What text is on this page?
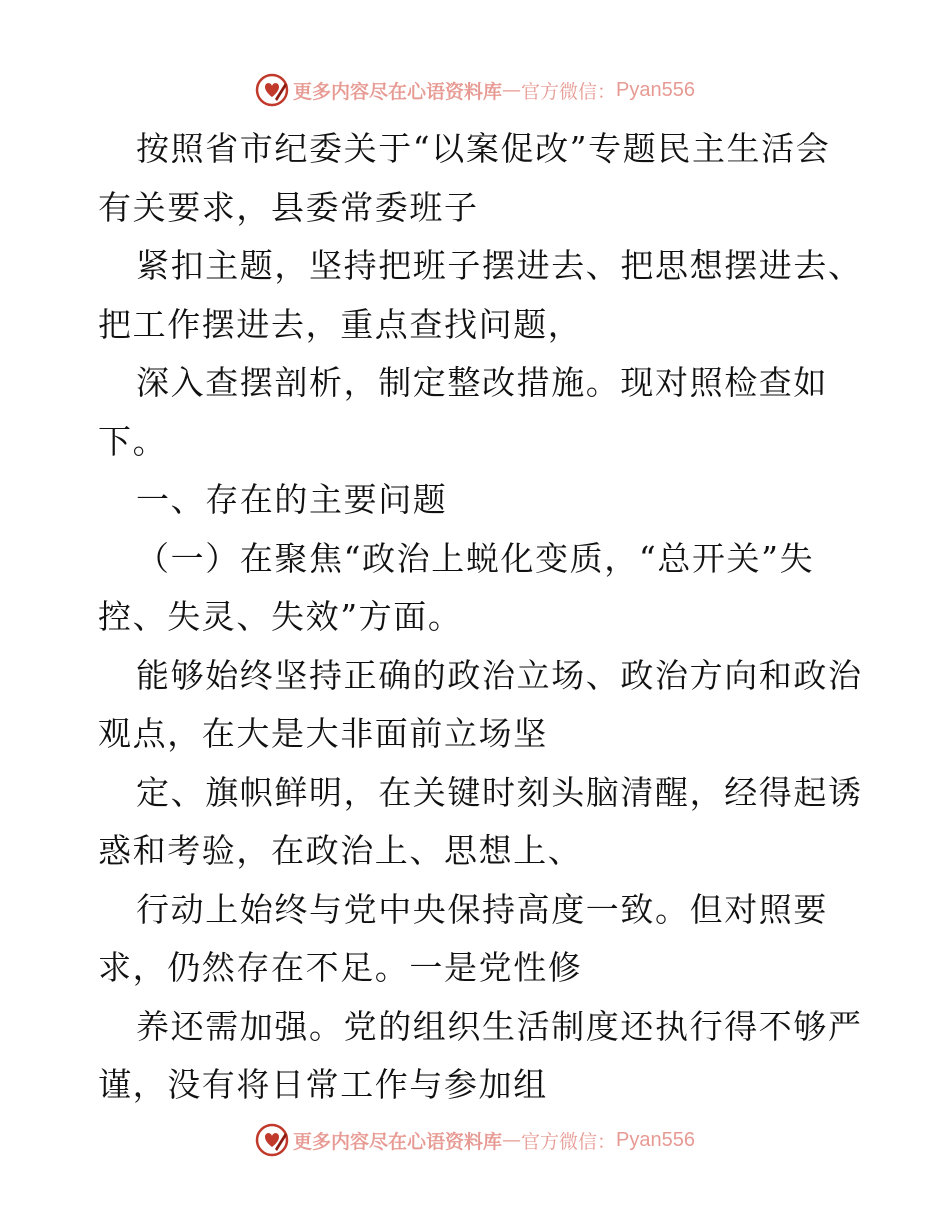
更多内容尽在心语资料库 — 官方微信： Pyan556
按照省市纪委关于“以案促改”专题民主生活会
有关要求，县委常委班子
紧扣主题，坚持把班子摆进去、把思想摆进去、
把工作摆进去，重点查找问题，
深入查摆剖析，制定整改措施。现对照检查如
下。
一、存在的主要问题
（一）在聚焦“政治上蜕化变质，“总开关”失
控、失灵、失效”方面。
能够始终坚持正确的政治立场、政治方向和政治
观点，在大是大非面前立场坚
定、旗帜鲜明，在关键时刻头脑清醒，经得起诱
惑和考验，在政治上、思想上、
行动上始终与党中央保持高度一致。但对照要
求，仍然存在不足。一是党性修
养还需加强。党的组织生活制度还执行得不够严
谨，没有将日常工作与参加组
更多内容尽在心语资料库 — 官方微信： Pyan556
